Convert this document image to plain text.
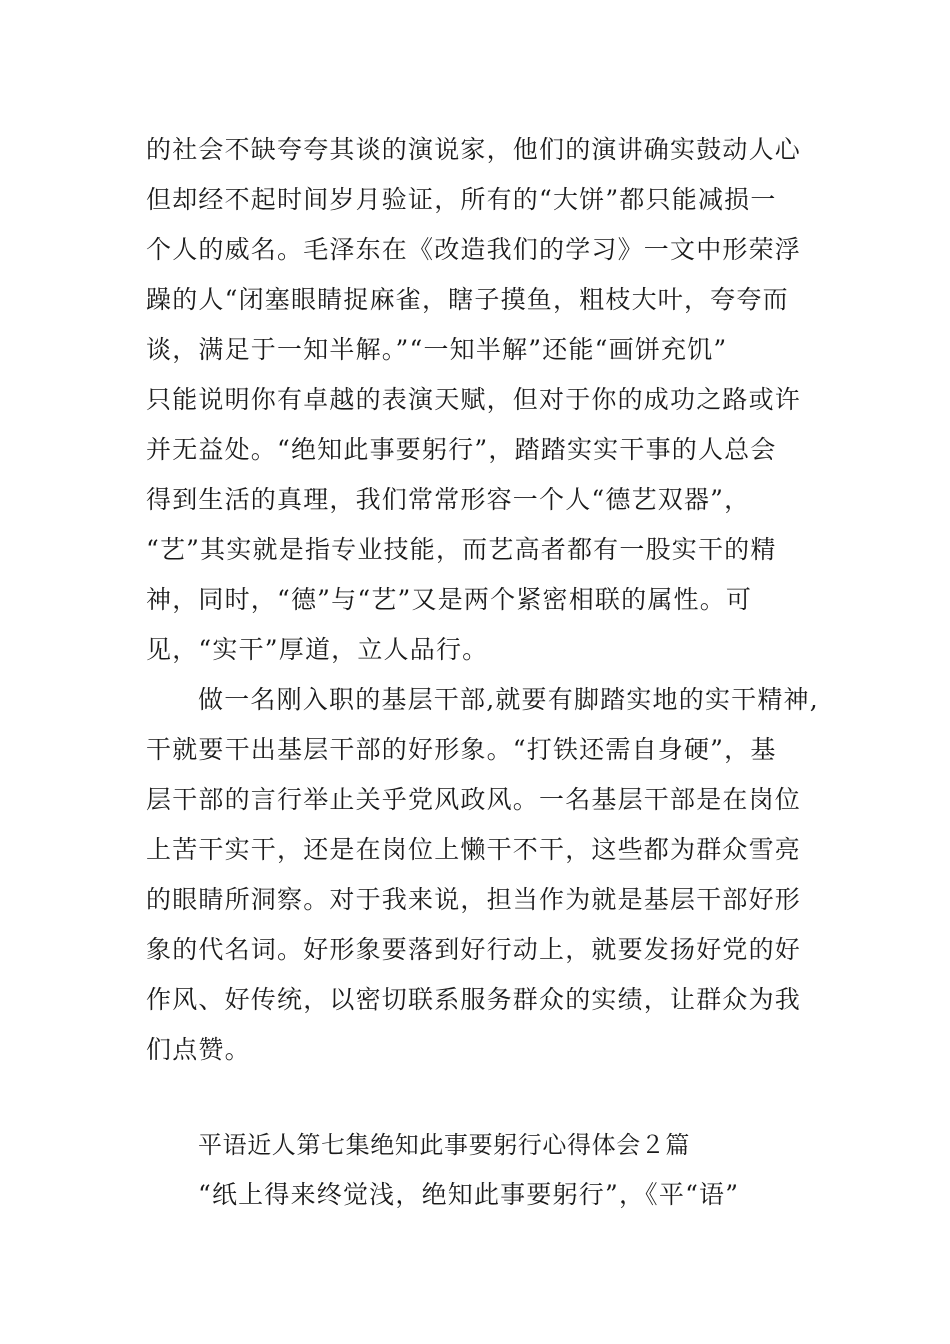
的社会不缺夸夸其谈的演说家，他们的演讲确实鼓动人心
但却经不起时间岁月验证，所有的“大饼”都只能减损一
个人的威名。毛泽东在《改造我们的学习》一文中形荣浮
躁的人“闭塞眼睛捉麻雀，瞎子摸鱼，粗枝大叶，夸夸而
谈，满足于一知半解。”“一知半解”还能“画饼充饥”
只能说明你有卓越的表演天赋，但对于你的成功之路或许
并无益处。“绝知此事要躬行”，踏踏实实干事的人总会
得到生活的真理，我们常常形容一个人“德艺双器”，
“艺”其实就是指专业技能，而艺高者都有一股实干的精
神，同时，“德”与“艺”又是两个紧密相联的属性。可
见，“实干”厚道，立人品行。
做一名刚入职的基层干部,就要有脚踏实地的实干精神,
干就要干出基层干部的好形象。“打铁还需自身硬”，基
层干部的言行举止关乎党风政风。一名基层干部是在岗位
上苦干实干，还是在岗位上懒干不干，这些都为群众雪亮
的眼睛所洞察。对于我来说，担当作为就是基层干部好形
象的代名词。好形象要落到好行动上，就要发扬好党的好
作风、好传统，以密切联系服务群众的实绩，让群众为我
们点赞。
平语近人第七集绝知此事要躬行心得体会２篇
“纸上得来终觉浅，绝知此事要躬行”，《平“语”
